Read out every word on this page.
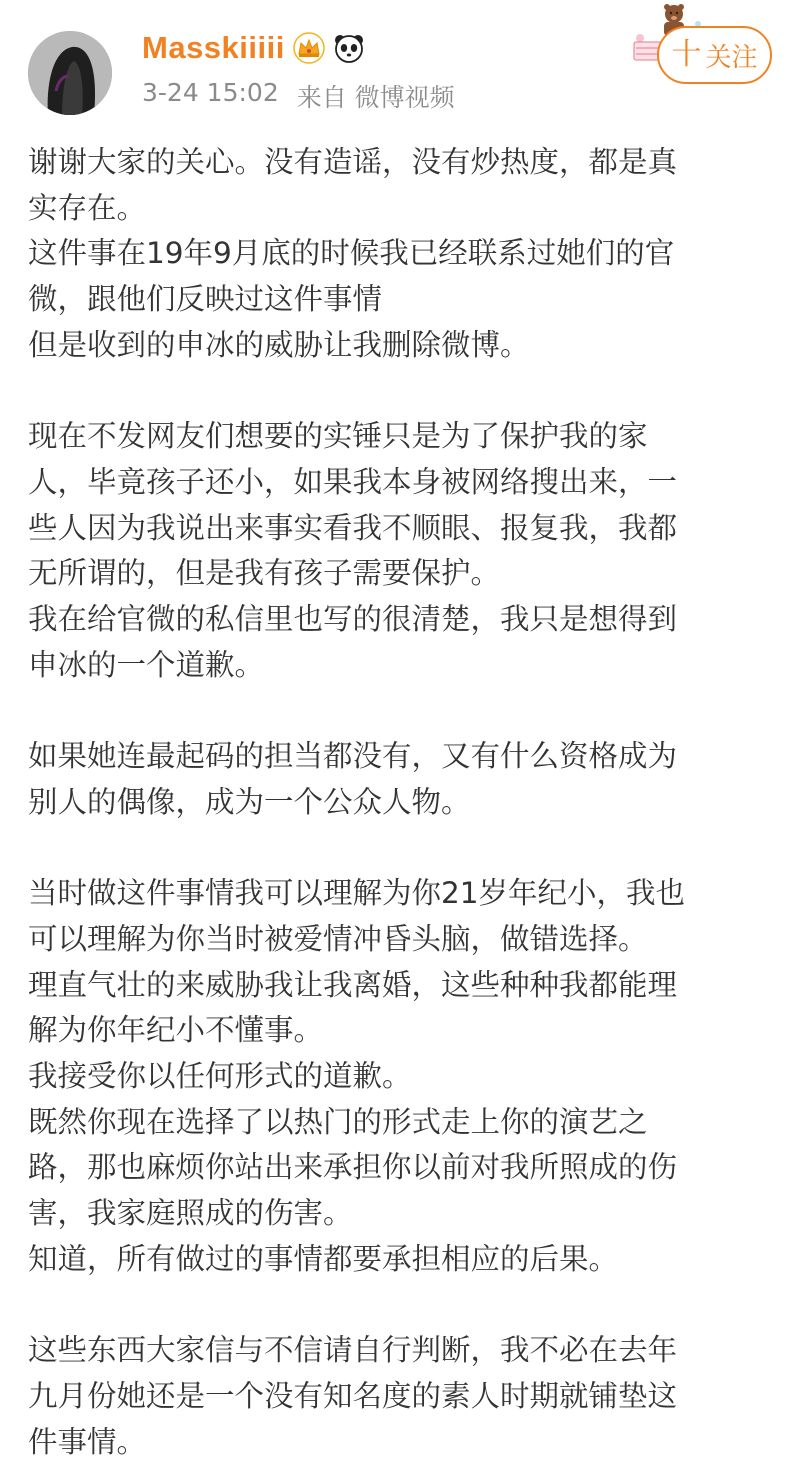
Masskiiiii
3-24 15:02 来自 微博视频
十 关注

谢谢大家的关心。没有造谣，没有炒热度，都是真

实存在。

这件事在19年9月底的时候我已经联系过她们的官

微，跟他们反映过这件事情

但是收到的申冰的威胁让我删除微博。

现在不发网友们想要的实锤只是为了保护我的家

人，毕竟孩子还小，如果我本身被网络搜出来，一

些人因为我说出来事实看我不顺眼、报复我，我都

无所谓的，但是我有孩子需要保护。

我在给官微的私信里也写的很清楚，我只是想得到

申冰的一个道歉。

如果她连最起码的担当都没有，又有什么资格成为

别人的偶像，成为一个公众人物。

当时做这件事情我可以理解为你21岁年纪小，我也

可以理解为你当时被爱情冲昏头脑，做错选择。

理直气壮的来威胁我让我离婚，这些种种我都能理

解为你年纪小不懂事。

我接受你以任何形式的道歉。

既然你现在选择了以热门的形式走上你的演艺之

路，那也麻烦你站出来承担你以前对我所照成的伤

害，我家庭照成的伤害。

知道，所有做过的事情都要承担相应的后果。

这些东西大家信与不信请自行判断，我不必在去年

九月份她还是一个没有知名度的素人时期就铺垫这

件事情。
